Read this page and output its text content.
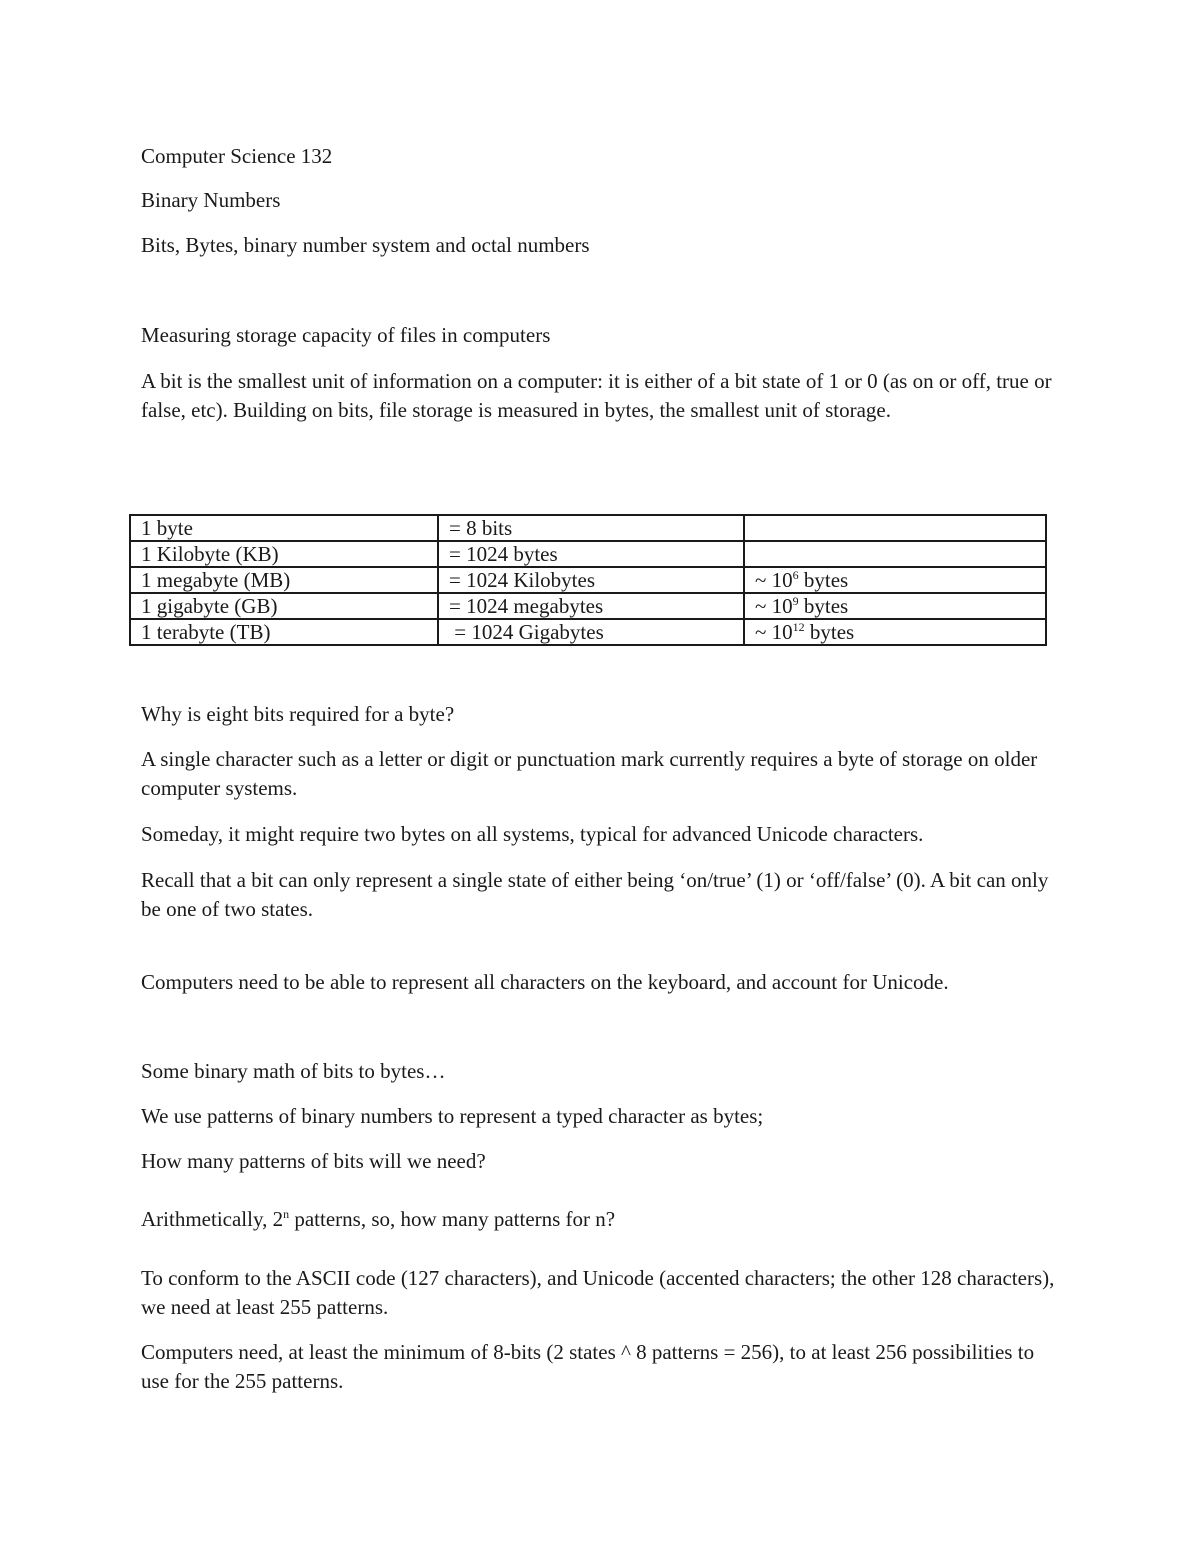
Computer Science 132
Binary Numbers
Bits, Bytes, binary number system and octal numbers
Measuring storage capacity of files in computers
A bit is the smallest unit of information on a computer: it is either of a bit state of 1 or 0 (as on or off, true or false, etc). Building on bits, file storage is measured in bytes, the smallest unit of storage.
1 byte	= 8 bits	
1 Kilobyte (KB)	= 1024 bytes	
1 megabyte (MB)	= 1024 Kilobytes	~ $10^6$ bytes
1 gigabyte (GB)	= 1024 megabytes	~ $10^9$ bytes
1 terabyte (TB)	= 1024 Gigabytes	~ $10^{12}$ bytes
Why is eight bits required for a byte?
A single character such as a letter or digit or punctuation mark currently requires a byte of storage on older computer systems.
Someday, it might require two bytes on all systems, typical for advanced Unicode characters.
Recall that a bit can only represent a single state of either being ‘on/true’ (1) or ‘off/false’ (0). A bit can only be one of two states.
Computers need to be able to represent all characters on the keyboard, and account for Unicode.
Some binary math of bits to bytes…
We use patterns of binary numbers to represent a typed character as bytes;
How many patterns of bits will we need?
Arithmetically, 2$^n$ patterns, so, how many patterns for n?
To conform to the ASCII code (127 characters), and Unicode (accented characters; the other 128 characters), we need at least 255 patterns.
Computers need, at least the minimum of 8-bits (2 states ^ 8 patterns = 256), to at least 256 possibilities to use for the 255 patterns.
